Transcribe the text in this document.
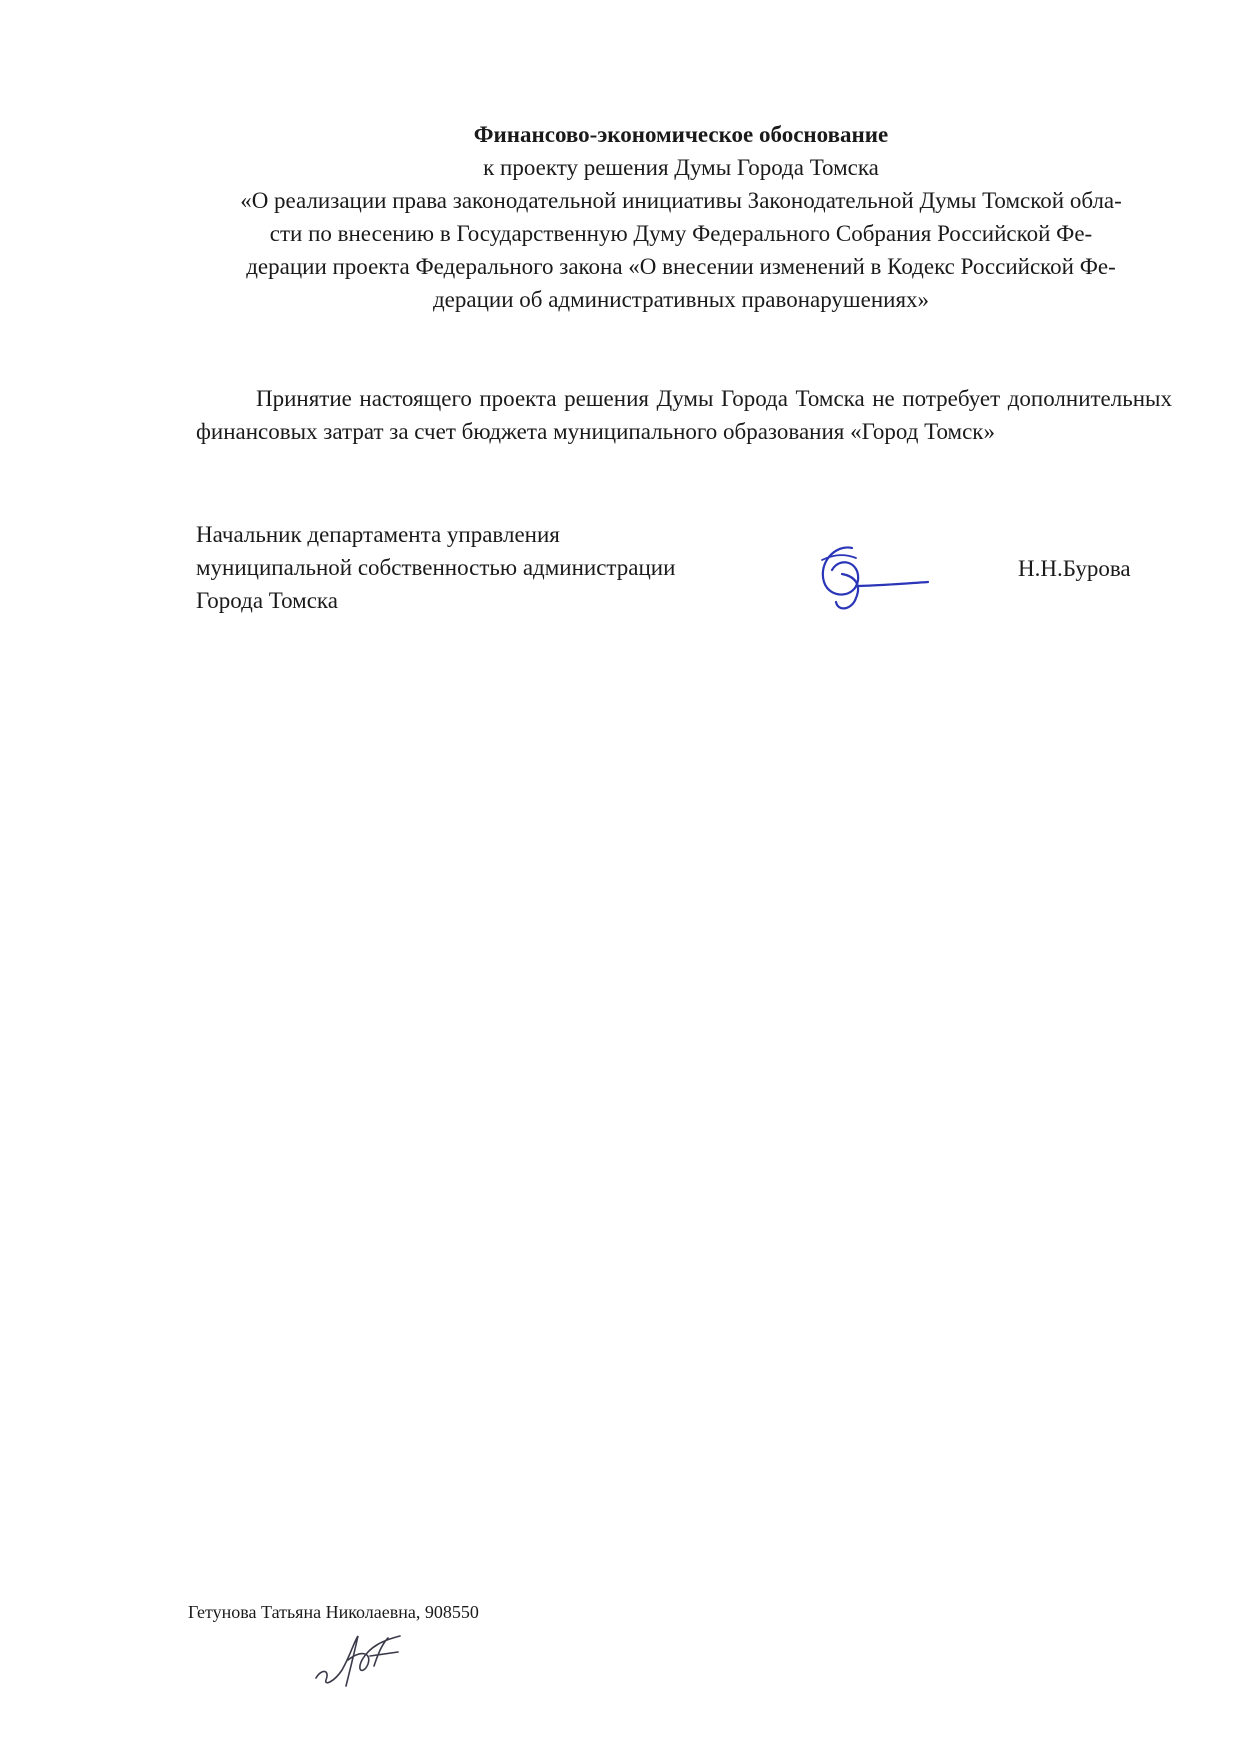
Финансово-экономическое обоснование
к проекту решения Думы Города Томска
«О реализации права законодательной инициативы Законодательной Думы Томской обла-
сти по внесению в Государственную Думу Федерального Собрания Российской Фе-
дерации проекта Федерального закона «О внесении изменений в Кодекс Российской Фе-
дерации об административных правонарушениях»

Принятие настоящего проекта решения Думы Города Томска не потребует дополнительных финансовых затрат за счет бюджета муниципального образования «Город Томск»

Начальник департамента управления
муниципальной собственностью администрации
Города Томска
Н.Н.Бурова
Гетунова Татьяна Николаевна, 908550
